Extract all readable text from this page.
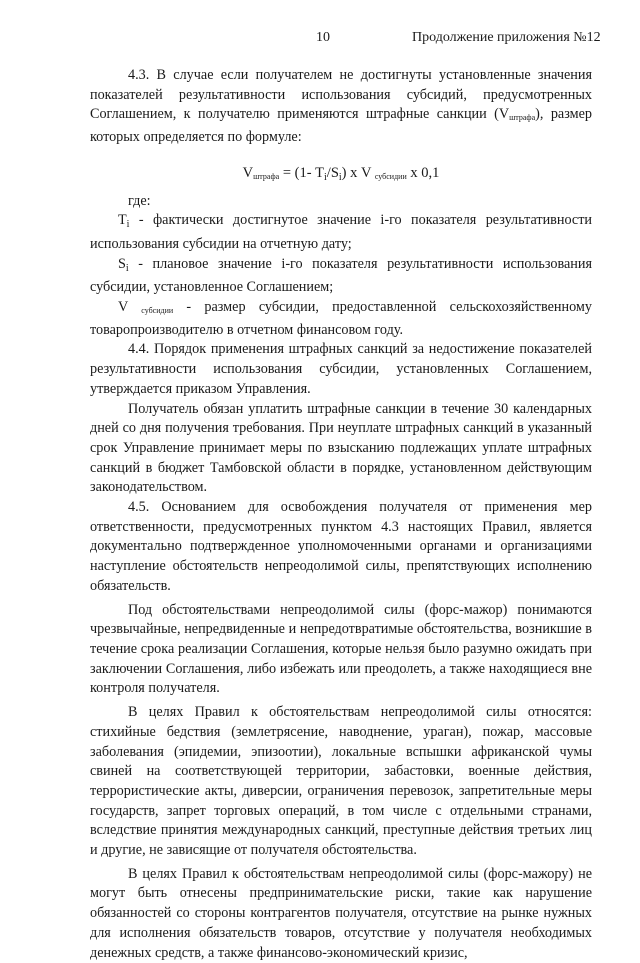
10	Продолжение приложения №12

4.3. В случае если получателем не достигнуты установленные значения показателей результативности использования субсидий, предусмотренных Соглашением, к получателю применяются штрафные санкции $(V_{штрафа})$, размер которых определяется по формуле:

$V_{штрафа} = (1-$ $T_i/S_i$) х V $_{субсидии}$ х 0,1

где:

$T_i$ - фактически достигнутое значение i-го показателя результативности использования субсидии на отчетную дату;

$S_i$ - плановое значение i-го показателя результативности использования субсидии, установленное Соглашением;

V $_{субсидии}$ - размер субсидии, предоставленной сельскохозяйственному товаропроизводителю в отчетном финансовом году.

4.4. Порядок применения штрафных санкций за недостижение показателей результативности использования субсидии, установленных Соглашением, утверждается приказом Управления.

Получатель обязан уплатить штрафные санкции в течение 30 календарных дней со дня получения требования. При неуплате штрафных санкций в указанный срок Управление принимает меры по взысканию подлежащих уплате штрафных санкций в бюджет Тамбовской области в порядке, установленном действующим законодательством.

4.5. Основанием для освобождения получателя от применения мер ответственности, предусмотренных пунктом 4.3 настоящих Правил, является документально подтвержденное уполномоченными органами и организациями наступление обстоятельств непреодолимой силы, препятствующих исполнению обязательств.

Под обстоятельствами непреодолимой силы (форс-мажор) понимаются чрезвычайные, непредвиденные и непредотвратимые обстоятельства, возникшие в течение срока реализации Соглашения, которые нельзя было разумно ожидать при заключении Соглашения, либо избежать или преодолеть, а также находящиеся вне контроля получателя.

В целях Правил к обстоятельствам непреодолимой силы относятся: стихийные бедствия (землетрясение, наводнение, ураган), пожар, массовые заболевания (эпидемии, эпизоотии), локальные вспышки африканской чумы свиней на соответствующей территории, забастовки, военные действия, террористические акты, диверсии, ограничения перевозок, запретительные меры государств, запрет торговых операций, в том числе с отдельными странами, вследствие принятия международных санкций, преступные действия третьих лиц и другие, не зависящие от получателя обстоятельства.

В целях Правил к обстоятельствам непреодолимой силы (форс-мажору) не могут быть отнесены предпринимательские риски, такие как нарушение обязанностей со стороны контрагентов получателя, отсутствие на рынке нужных для исполнения обязательств товаров, отсутствие у получателя необходимых денежных средств, а также финансово-экономический кризис,
